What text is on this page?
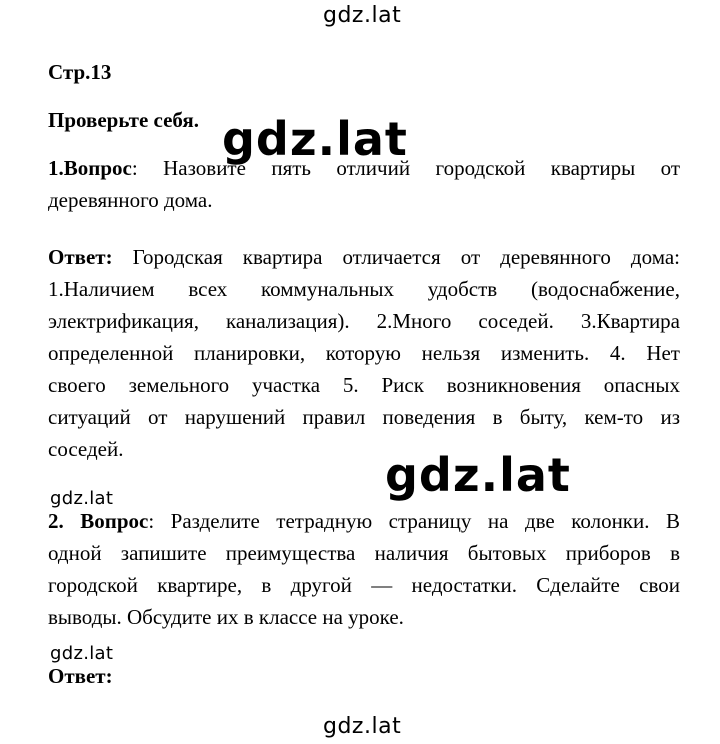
gdz.lat
gdz.lat
gdz.lat
gdz.lat
gdz.lat
gdz.lat
Стр.13
Проверьте себя.
1.Вопрос: Назовите пять отличий городской квартиры от
деревянного дома.
Ответ: Городская квартира отличается от деревянного дома:
1.Наличием всех коммунальных удобств (водоснабжение,
электрификация, канализация). 2.Много соседей. 3.Квартира
определенной планировки, которую нельзя изменить. 4. Нет
своего земельного участка 5. Риск возникновения опасных
ситуаций от нарушений правил поведения в быту, кем-то из
соседей.
2. Вопрос: Разделите тетрадную страницу на две колонки. В
одной запишите преимущества наличия бытовых приборов в
городской квартире, в другой — недостатки. Сделайте свои
выводы. Обсудите их в классе на уроке.
Ответ:
